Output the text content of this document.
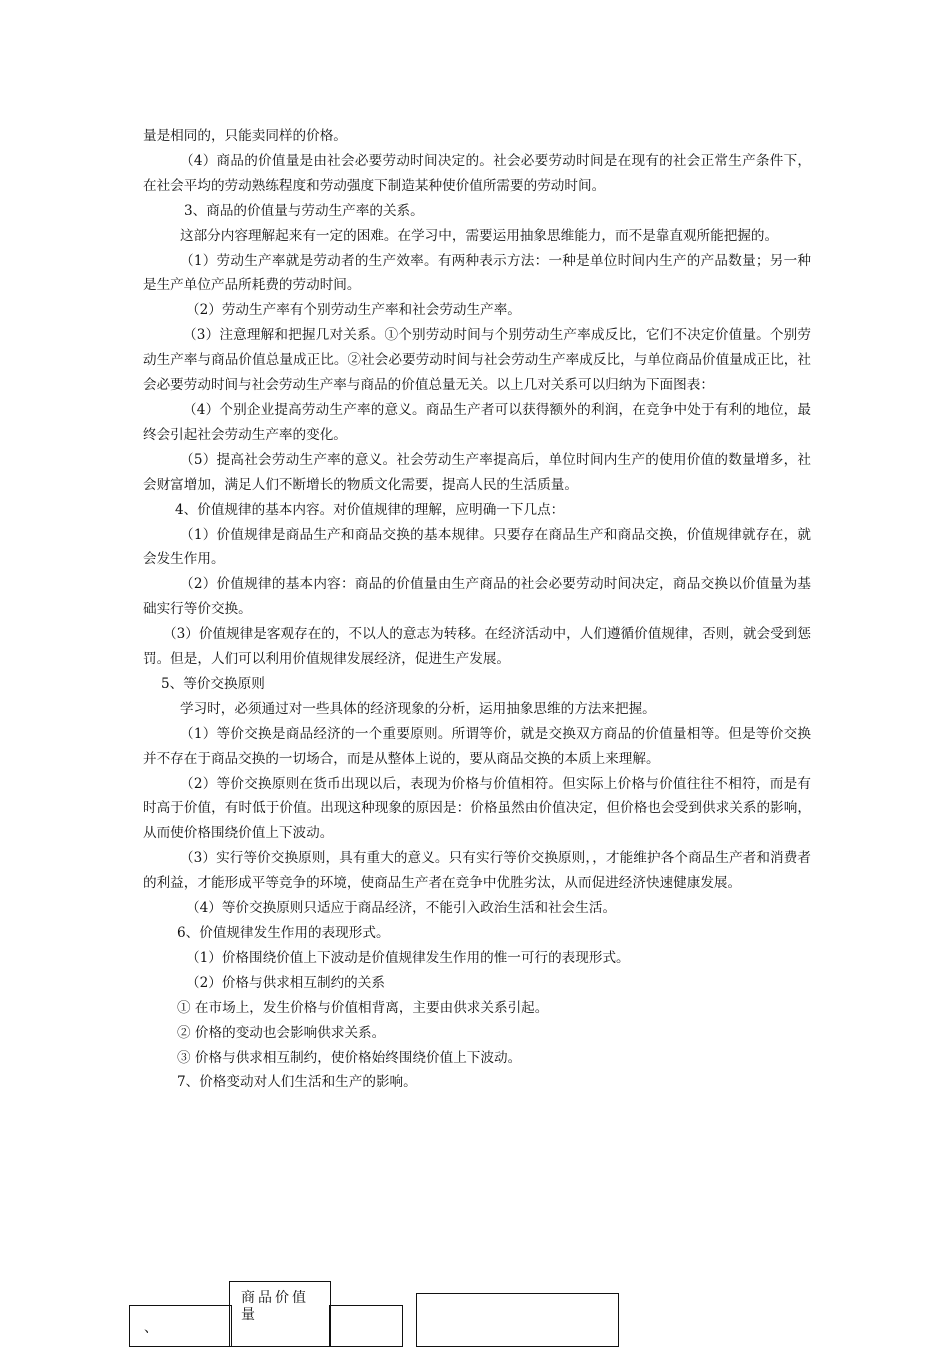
量是相同的，只能卖同样的价格。

（4）商品的价值量是由社会必要劳动时间决定的。社会必要劳动时间是在现有的社会正常生产条件下，在社会平均的劳动熟练程度和劳动强度下制造某种使价值所需要的劳动时间。

3、商品的价值量与劳动生产率的关系。

这部分内容理解起来有一定的困难。在学习中，需要运用抽象思维能力，而不是靠直观所能把握的。

（1）劳动生产率就是劳动者的生产效率。有两种表示方法：一种是单位时间内生产的产品数量；另一种是生产单位产品所耗费的劳动时间。

（2）劳动生产率有个别劳动生产率和社会劳动生产率。

（3）注意理解和把握几对关系。①个别劳动时间与个别劳动生产率成反比，它们不决定价值量。个别劳动生产率与商品价值总量成正比。②社会必要劳动时间与社会劳动生产率成反比，与单位商品价值量成正比，社会必要劳动时间与社会劳动生产率与商品的价值总量无关。以上几对关系可以归纳为下面图表：

（4）个别企业提高劳动生产率的意义。商品生产者可以获得额外的利润，在竞争中处于有利的地位，最终会引起社会劳动生产率的变化。

（5）提高社会劳动生产率的意义。社会劳动生产率提高后，单位时间内生产的使用价值的数量增多，社会财富增加，满足人们不断增长的物质文化需要，提高人民的生活质量。

4、价值规律的基本内容。对价值规律的理解，应明确一下几点：

（1）价值规律是商品生产和商品交换的基本规律。只要存在商品生产和商品交换，价值规律就存在，就会发生作用。

（2）价值规律的基本内容：商品的价值量由生产商品的社会必要劳动时间决定，商品交换以价值量为基础实行等价交换。

（3）价值规律是客观存在的，不以人的意志为转移。在经济活动中，人们遵循价值规律，否则，就会受到惩罚。但是，人们可以利用价值规律发展经济，促进生产发展。

5、等价交换原则

学习时，必须通过对一些具体的经济现象的分析，运用抽象思维的方法来把握。

（1）等价交换是商品经济的一个重要原则。所谓等价，就是交换双方商品的价值量相等。但是等价交换并不存在于商品交换的一切场合，而是从整体上说的，要从商品交换的本质上来理解。

（2）等价交换原则在货币出现以后，表现为价格与价值相符。但实际上价格与价值往往不相符，而是有时高于价值，有时低于价值。出现这种现象的原因是：价格虽然由价值决定，但价格也会受到供求关系的影响，从而使价格围绕价值上下波动。

（3）实行等价交换原则，具有重大的意义。只有实行等价交换原则，，才能维护各个商品生产者和消费者的利益，才能形成平等竞争的环境，使商品生产者在竞争中优胜劣汰，从而促进经济快速健康发展。

（4）等价交换原则只适应于商品经济，不能引入政治生活和社会生活。

6、价值规律发生作用的表现形式。

（1）价格围绕价值上下波动是价值规律发生作用的惟一可行的表现形式。

（2）价格与供求相互制约的关系

① 在市场上，发生价格与价值相背离，主要由供求关系引起。

② 价格的变动也会影响供求关系。

③ 价格与供求相互制约，使价格始终围绕价值上下波动。

7、价格变动对人们生活和生产的影响。

、
商品价值量
